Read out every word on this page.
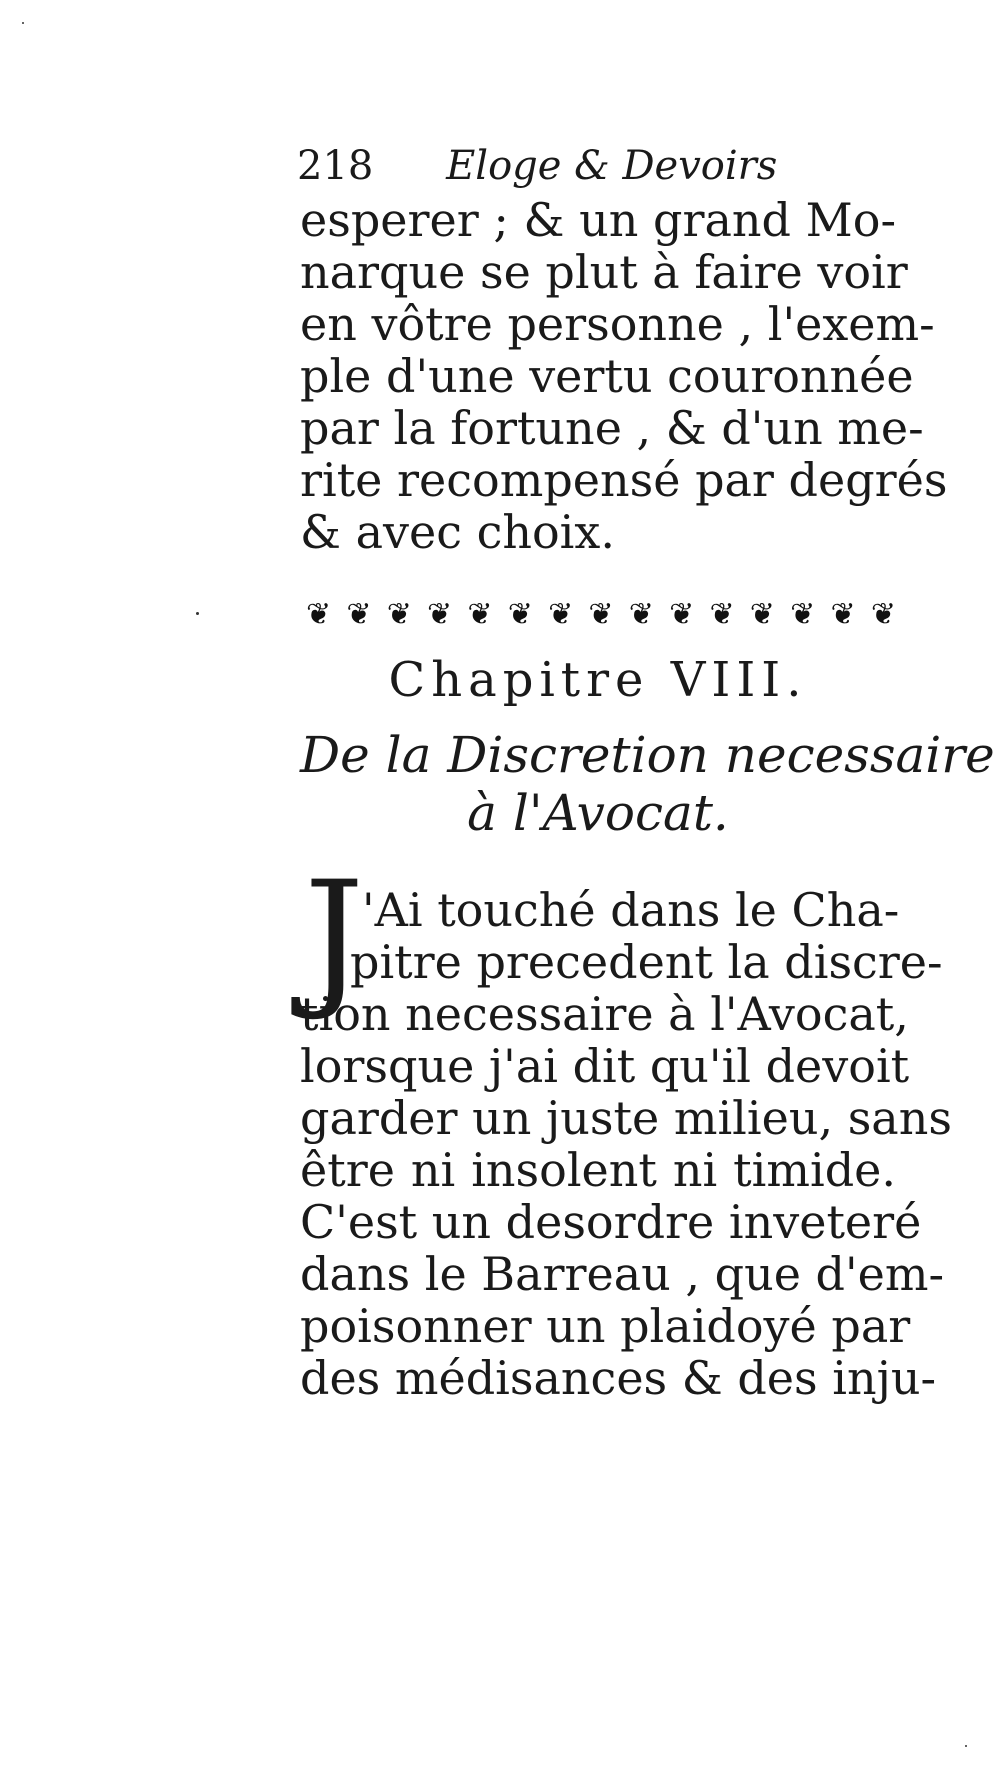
218 Eloge & Devoirs
esperer ; & un grand Mo-
narque se plut à faire voir
en vôtre personne , l'exem-
ple d'une vertu couronnée
par la fortune , & d'un me-
rite recompensé par degrés
& avec choix.
❦ ❦ ❦ ❦ ❦ ❦ ❦ ❦ ❦ ❦ ❦ ❦ ❦ ❦ ❦
Chapitre VIII.
De la Discretion necessaire
à l'Avocat.
J
'Ai touché dans le Cha-
pitre precedent la discre-
tion necessaire à l'Avocat,
lorsque j'ai dit qu'il devoit
garder un juste milieu, sans
être ni insolent ni timide.
C'est un desordre inveteré
dans le Barreau , que d'em-
poisonner un plaidoyé par
des médisances & des inju-
